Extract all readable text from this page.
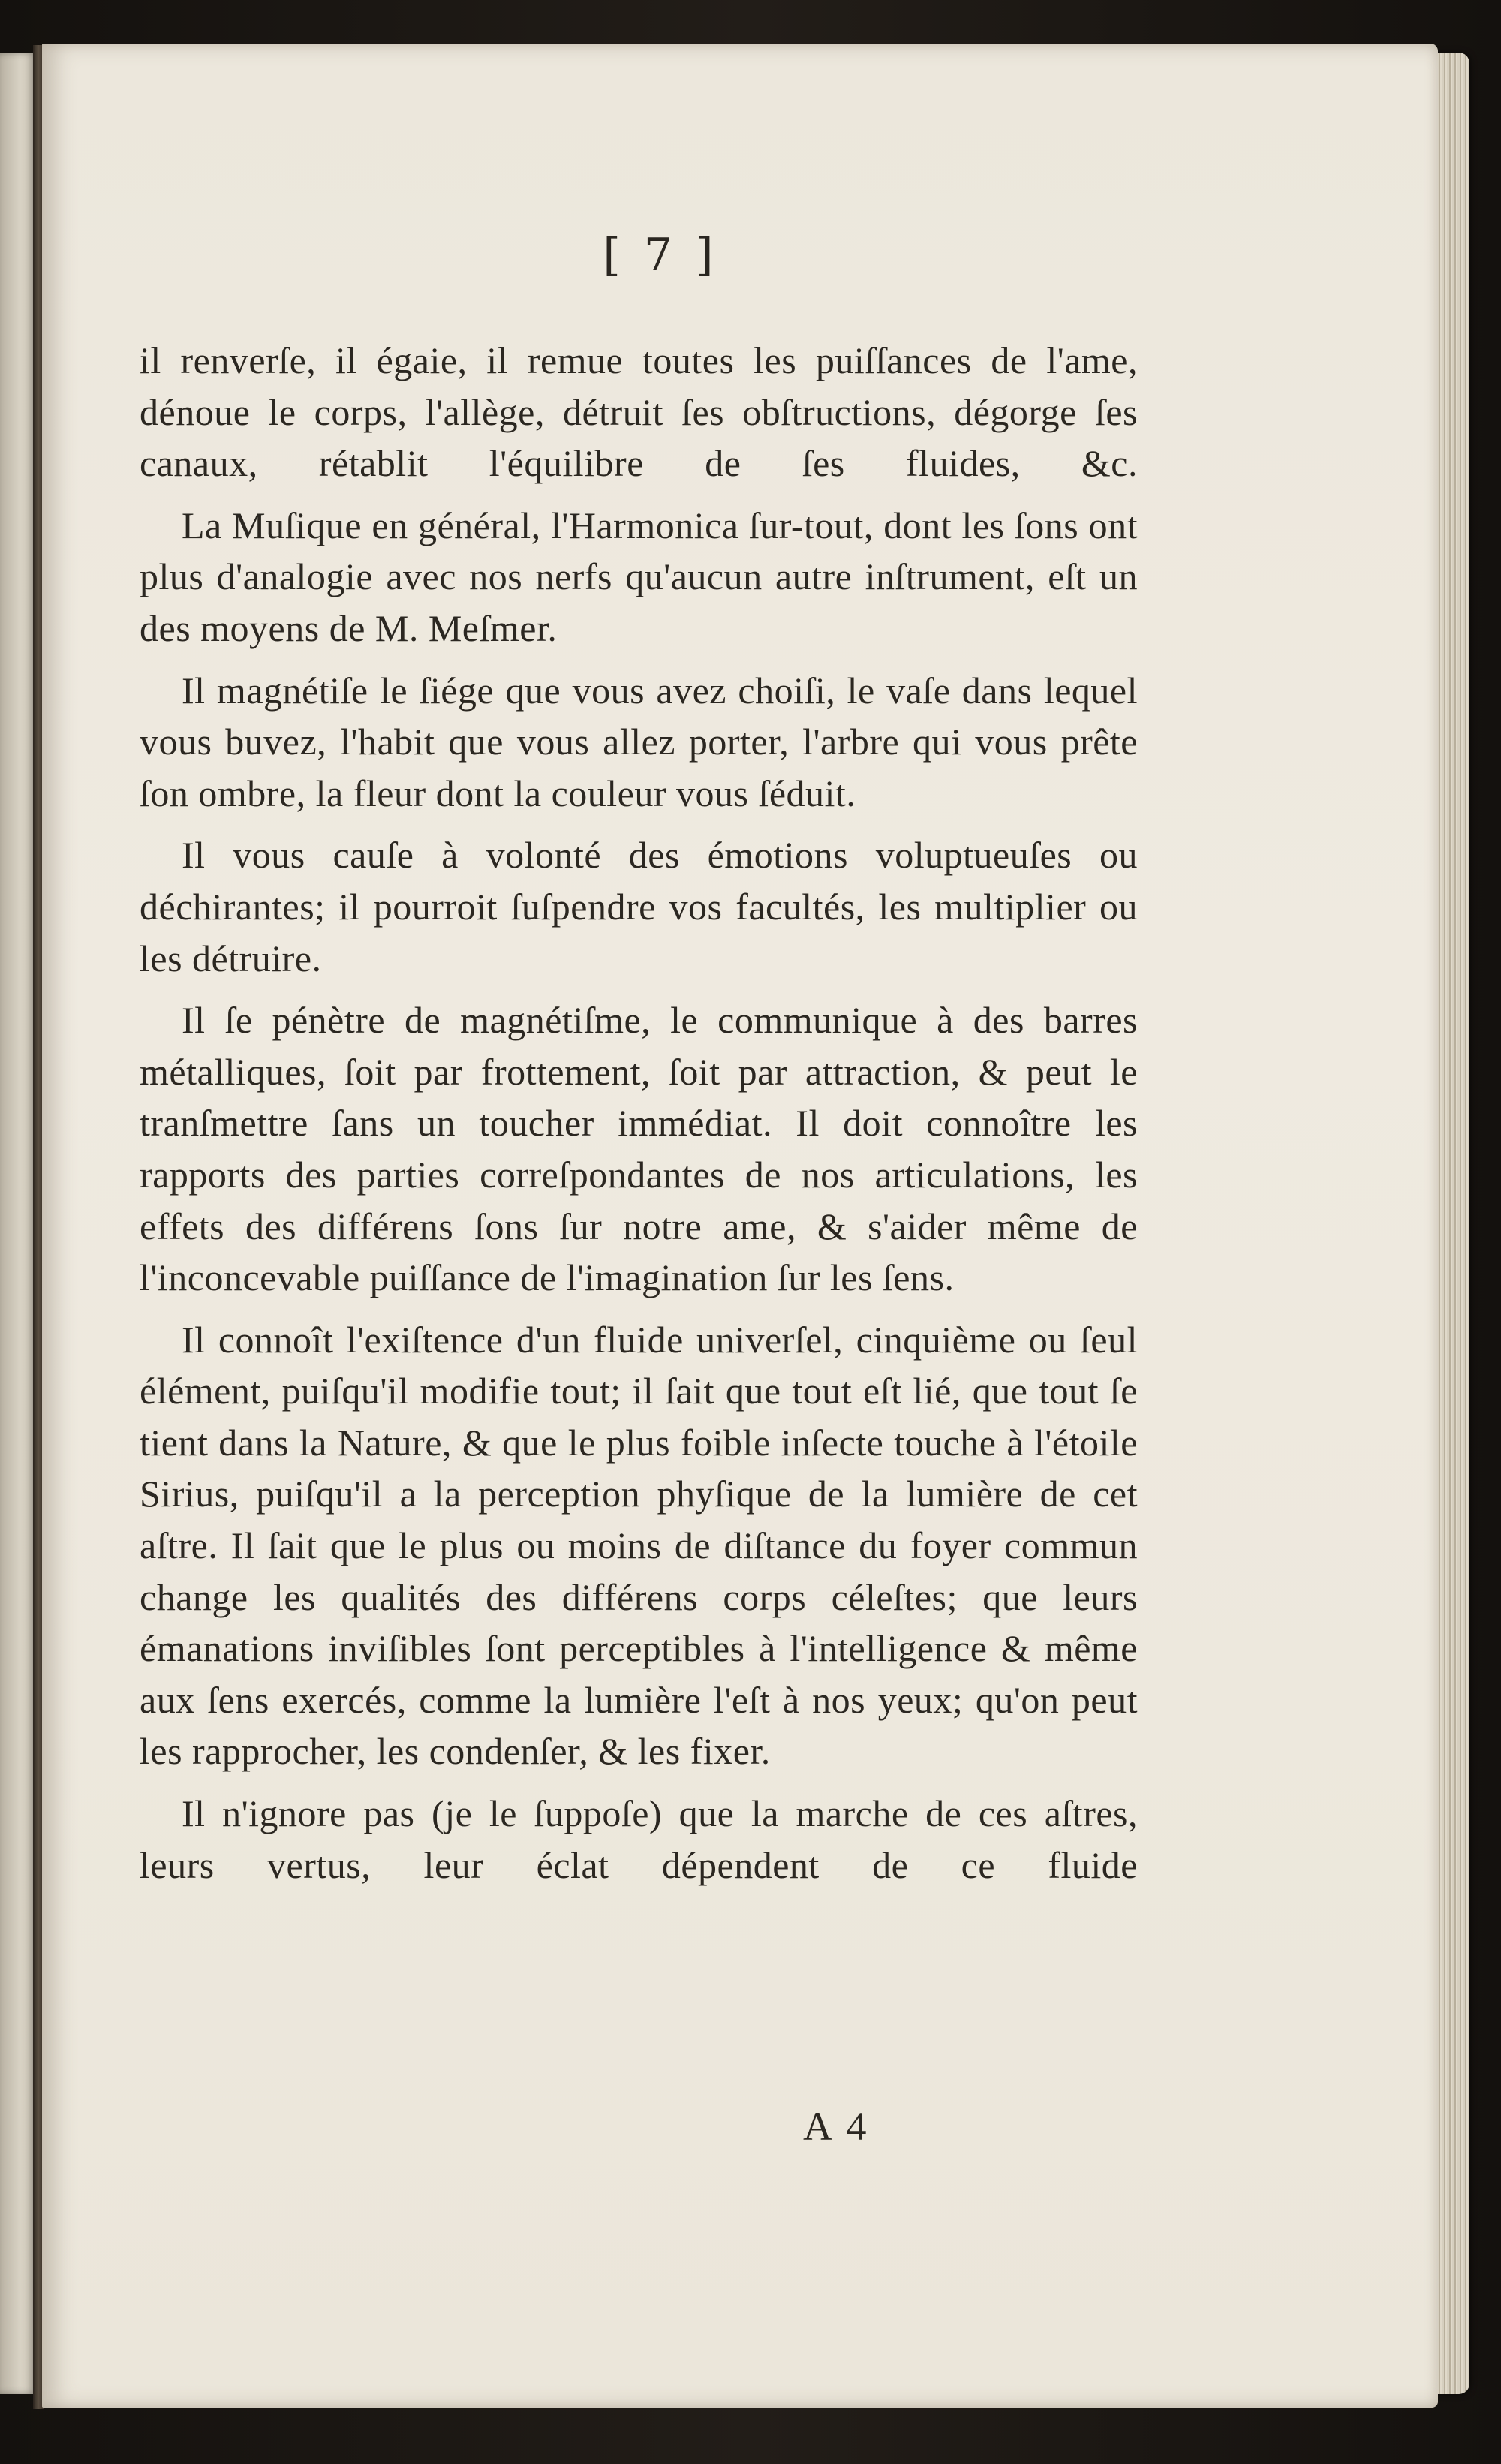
[ 7 ]

il renverſe, il égaie, il remue toutes les puiſſances de l'ame, dénoue le corps, l'allège, détruit ſes obſtructions, dégorge ſes canaux, rétablit l'équilibre de ſes fluides, &c.

La Muſique en général, l'Harmonica ſur-tout, dont les ſons ont plus d'analogie avec nos nerfs qu'aucun autre inſtrument, eſt un des moyens de M. Meſmer.

Il magnétiſe le ſiége que vous avez choiſi, le vaſe dans lequel vous buvez, l'habit que vous allez porter, l'arbre qui vous prête ſon ombre, la fleur dont la couleur vous ſéduit.

Il vous cauſe à volonté des émotions voluptueuſes ou déchirantes; il pourroit ſuſpendre vos facultés, les multiplier ou les détruire.

Il ſe pénètre de magnétiſme, le communique à des barres métalliques, ſoit par frottement, ſoit par attraction, & peut le tranſmettre ſans un toucher immédiat. Il doit connoître les rapports des parties correſpondantes de nos articulations, les effets des différens ſons ſur notre ame, & s'aider même de l'inconcevable puiſſance de l'imagination ſur les ſens.

Il connoît l'exiſtence d'un fluide univerſel, cinquième ou ſeul élément, puiſqu'il modifie tout; il ſait que tout eſt lié, que tout ſe tient dans la Nature, & que le plus foible inſecte touche à l'étoile Sirius, puiſqu'il a la perception phyſique de la lumière de cet aſtre. Il ſait que le plus ou moins de diſtance du foyer commun change les qualités des différens corps céleſtes; que leurs émanations inviſibles ſont perceptibles à l'intelligence & même aux ſens exercés, comme la lumière l'eſt à nos yeux; qu'on peut les rapprocher, les condenſer, & les fixer.

Il n'ignore pas (je le ſuppoſe) que la marche de ces aſtres, leurs vertus, leur éclat dépendent de ce fluide

A 4
